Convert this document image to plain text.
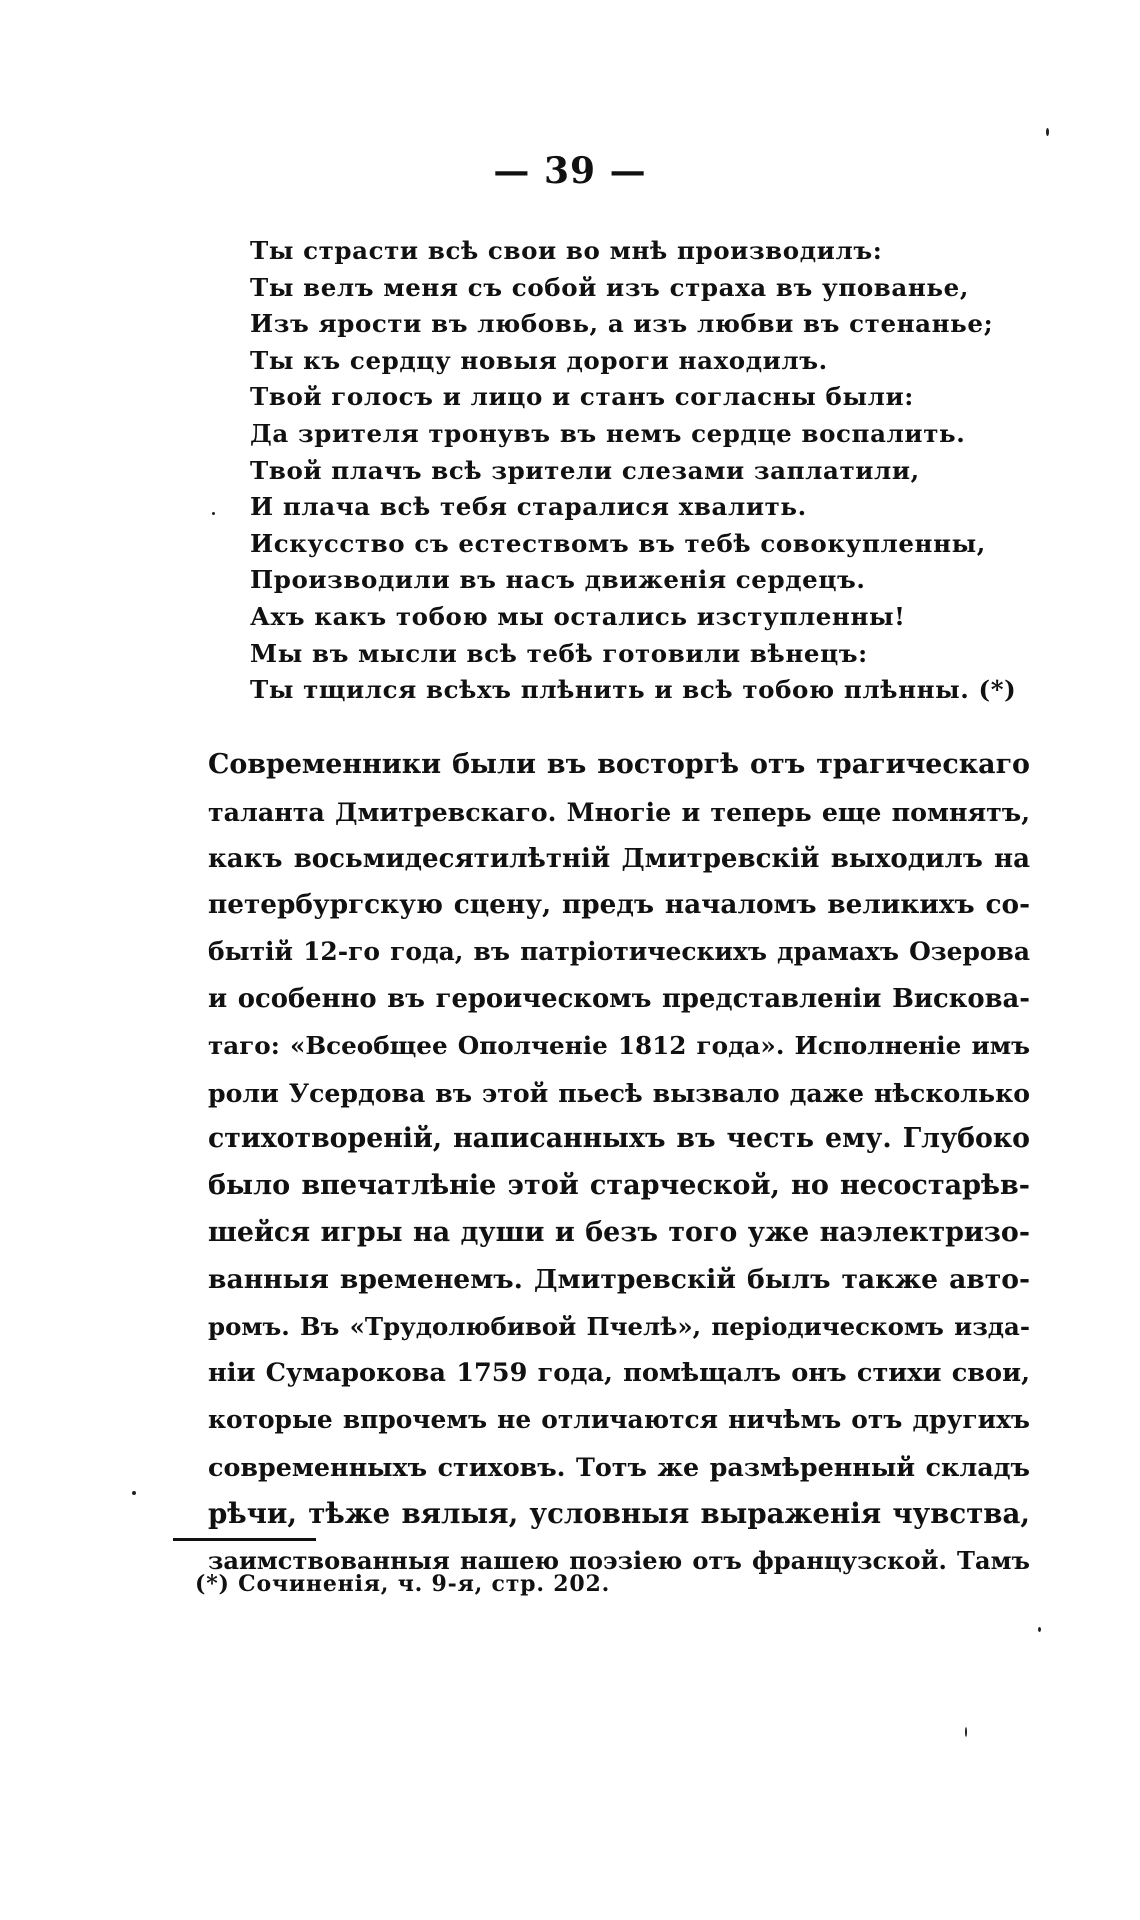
— 39 —
Ты страсти всѣ свои во мнѣ производилъ:
Ты велъ меня съ собой изъ страха въ упованье,
Изъ ярости въ любовь, а изъ любви въ стенанье;
Ты къ сердцу новыя дороги находилъ.
Твой голосъ и лицо и станъ согласны были:
Да зрителя тронувъ въ немъ сердце воспалить.
Твой плачъ всѣ зрители слезами заплатили,
И плача всѣ тебя старалися хвалить.
Искусство съ естествомъ въ тебѣ совокупленны,
Производили въ насъ движенія сердецъ.
Ахъ какъ тобою мы остались изступленны!
Мы въ мысли всѣ тебѣ готовили вѣнецъ:
Ты тщился всѣхъ плѣнить и всѣ тобою плѣнны. (*)
Современники были въ восторгѣ отъ трагическаго
таланта Дмитревскаго. Многіе и теперь еще помнятъ,
какъ восьмидесятилѣтній Дмитревскій выходилъ на
петербургскую сцену, предъ началомъ великихъ со-
бытій 12-го года, въ патріотическихъ драмахъ Озерова
и особенно въ героическомъ представленіи Вискова-
таго: «Всеобщее Ополченіе 1812 года». Исполненіе имъ
роли Усердова въ этой пьесѣ вызвало даже нѣсколько
стихотвореній, написанныхъ въ честь ему. Глубоко
было впечатлѣніе этой старческой, но несостарѣв-
шейся игры на души и безъ того уже наэлектризо-
ванныя временемъ. Дмитревскій былъ также автo-
ромъ. Въ «Трудолюбивой Пчелѣ», періодическомъ изда-
ніи Сумарокова 1759 года, помѣщалъ онъ стихи свои,
которые впрочемъ не отличаются ничѣмъ отъ другихъ
современныхъ стиховъ. Тотъ же размѣренный складъ
рѣчи, тѣже вялыя, условныя выраженія чувства,
заимствованныя нашею поэзіею отъ французской. Тамъ
(*) Сочиненія, ч. 9-я, стр. 202.
